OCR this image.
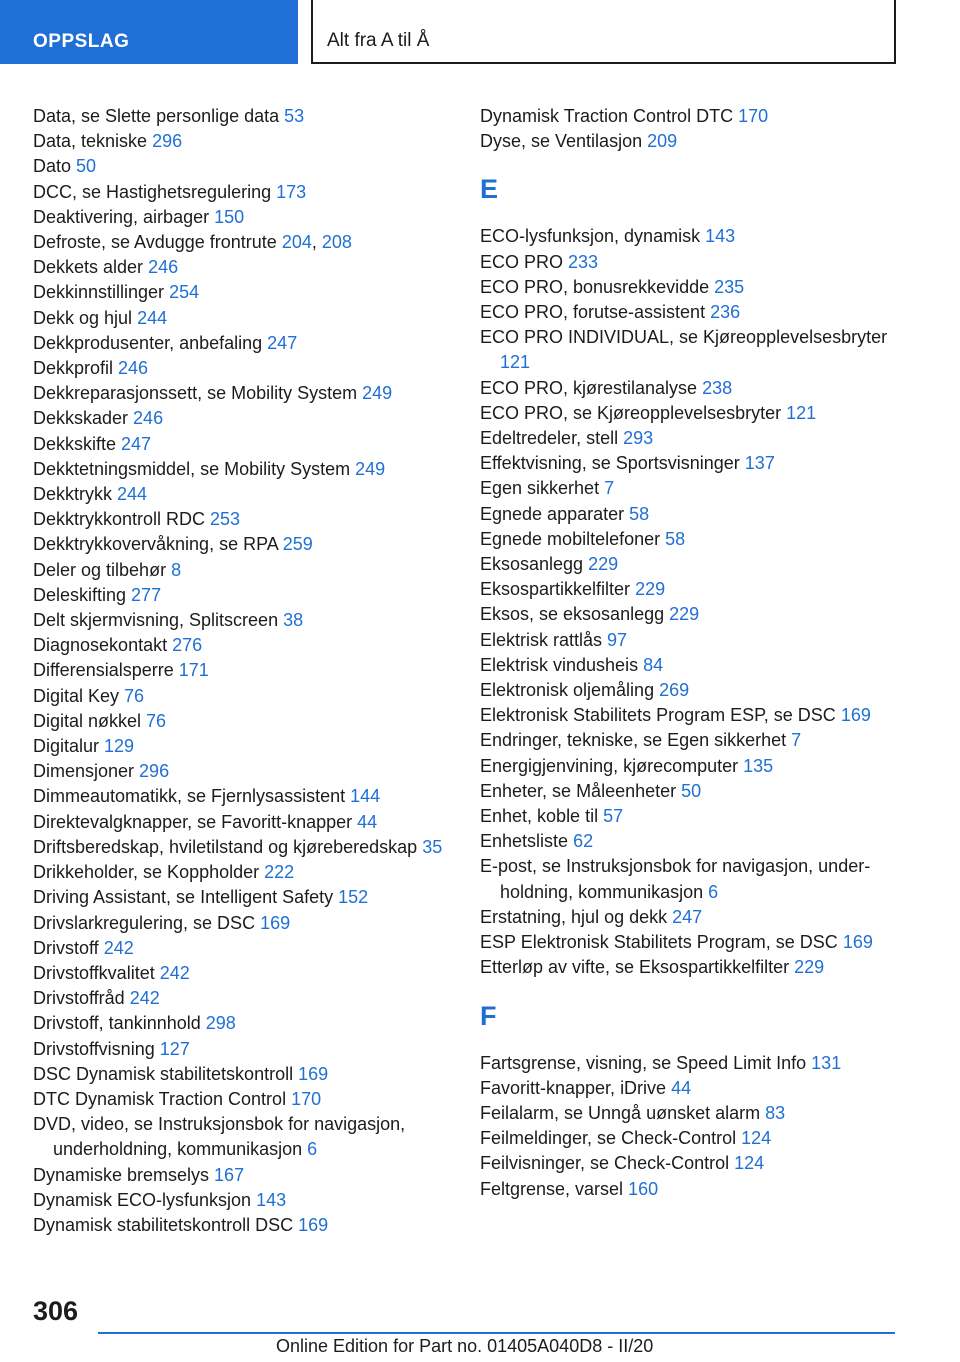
OPPSLAG	Alt fra A til Å
Data, se Slette personlige data 53
Data, tekniske 296
Dato 50
DCC, se Hastighetsregulering 173
Deaktivering, airbager 150
Defroste, se Avdugge frontrute 204, 208
Dekkets alder 246
Dekkinnstillinger 254
Dekk og hjul 244
Dekkprodusenter, anbefaling 247
Dekkprofil 246
Dekkreparasjonssett, se Mobility System 249
Dekkskader 246
Dekkskifte 247
Dekktetningsmiddel, se Mobility System 249
Dekktrykk 244
Dekktrykkontroll RDC 253
Dekktrykkovervåkning, se RPA 259
Deler og tilbehør 8
Deleskifting 277
Delt skjermvisning, Splitscreen 38
Diagnosekontakt 276
Differensialsperre 171
Digital Key 76
Digital nøkkel 76
Digitalur 129
Dimensjoner 296
Dimmeautomatikk, se Fjernlysassistent 144
Direktevalgknapper, se Favoritt-knapper 44
Driftsberedskap, hviletilstand og kjøreberedskap 35
Drikkeholder, se Koppholder 222
Driving Assistant, se Intelligent Safety 152
Drivslarkregulering, se DSC 169
Drivstoff 242
Drivstoffkvalitet 242
Drivstoffråd 242
Drivstoff, tankinnhold 298
Drivstoffvisning 127
DSC Dynamisk stabilitetskontroll 169
DTC Dynamisk Traction Control 170
DVD, video, se Instruksjonsbok for navigasjon, underholdning, kommunikasjon 6
Dynamiske bremselys 167
Dynamisk ECO-lysfunksjon 143
Dynamisk stabilitetskontroll DSC 169
Dynamisk Traction Control DTC 170
Dyse, se Ventilasjon 209
E
ECO-lysfunksjon, dynamisk 143
ECO PRO 233
ECO PRO, bonusrekkevidde 235
ECO PRO, forutse-assistent 236
ECO PRO INDIVIDUAL, se Kjøreopplevelsesbryter 121
ECO PRO, kjørestilanalyse 238
ECO PRO, se Kjøreopplevelsesbryter 121
Edeltredeler, stell 293
Effektvisning, se Sportsvisninger 137
Egen sikkerhet 7
Egnede apparater 58
Egnede mobiltelefoner 58
Eksosanlegg 229
Eksospartikkelfilter 229
Eksos, se eksosanlegg 229
Elektrisk rattlås 97
Elektrisk vindusheis 84
Elektronisk oljemåling 269
Elektronisk Stabilitets Program ESP, se DSC 169
Endringer, tekniske, se Egen sikkerhet 7
Energigjenvining, kjørecomputer 135
Enheter, se Måleenheter 50
Enhet, koble til 57
Enhetsliste 62
E-post, se Instruksjonsbok for navigasjon, underholdning, kommunikasjon 6
Erstatning, hjul og dekk 247
ESP Elektronisk Stabilitets Program, se DSC 169
Etterløp av vifte, se Eksospartikkelfilter 229
F
Fartsgrense, visning, se Speed Limit Info 131
Favoritt-knapper, iDrive 44
Feilalarm, se Unngå uønsket alarm 83
Feilmeldinger, se Check-Control 124
Feilvisninger, se Check-Control 124
Feltgrense, varsel 160
306
Online Edition for Part no. 01405A040D8 - II/20
